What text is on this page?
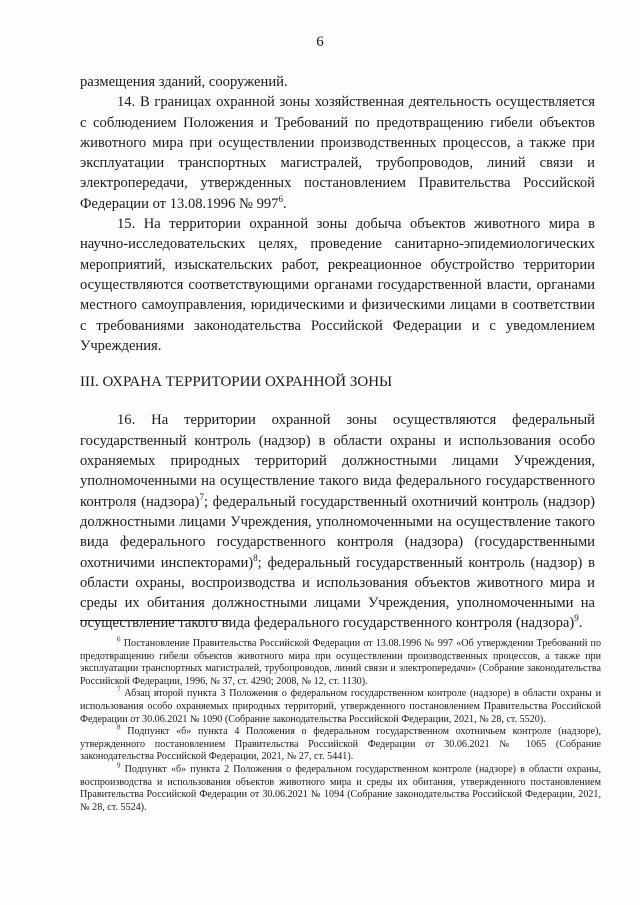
6

размещения зданий, сооружений.

14. В границах охранной зоны хозяйственная деятельность осуществляется с соблюдением Положения и Требований по предотвращению гибели объектов животного мира при осуществлении производственных процессов, а также при эксплуатации транспортных магистралей, трубопроводов, линий связи и электропередачи, утвержденных постановлением Правительства Российской Федерации от 13.08.1996 № $997^6$.

15. На территории охранной зоны добыча объектов животного мира в научно-исследовательских целях, проведение санитарно-эпидемиологических мероприятий, изыскательских работ, рекреационное обустройство территории осуществляются соответствующими органами государственной власти, органами местного самоуправления, юридическими и физическими лицами в соответствии с требованиями законодательства Российской Федерации и с уведомлением Учреждения.

III. ОХРАНА ТЕРРИТОРИИ ОХРАННОЙ ЗОНЫ

16. На территории охранной зоны осуществляются федеральный государственный контроль (надзор) в области охраны и использования особо охраняемых природных территорий должностными лицами Учреждения, уполномоченными на осуществление такого вида федерального государственного контроля (надзора)$^7$; федеральный государственный охотничий контроль (надзор) должностными лицами Учреждения, уполномоченными на осуществление такого вида федерального государственного контроля (надзора) (государственными охотничими инспекторами)$^8$; федеральный государственный контроль (надзор) в области охраны, воспроизводства и использования объектов животного мира и среды их обитания должностными лицами Учреждения, уполномоченными на осуществление такого вида федерального государственного контроля (надзора)$^9$.

$^6$ Постановление Правительства Российской Федерации от 13.08.1996 № 997 «Об утверждении Требований по предотвращению гибели объектов животного мира при осуществлении производственных процессов, а также при эксплуатации транспортных магистралей, трубопроводов, линий связи и электропередачи» (Собрание законодательства Российской Федерации, 1996, № 37, ст. 4290; 2008, № 12, ст. 1130).

$^7$ Абзац второй пункта 3 Положения о федеральном государственном контроле (надзоре) в области охраны и использования особо охраняемых природных территорий, утвержденного постановлением Правительства Российской Федерации от 30.06.2021 № 1090 (Собрание законодательства Российской Федерации, 2021, № 28, ст. 5520).

$^8$ Подпункт «б» пункта 4 Положения о федеральном государственном охотничьем контроле (надзоре), утвержденного постановлением Правительства Российской Федерации от 30.06.2021 № 1065 (Собрание законодательства Российской Федерации, 2021, № 27, ст. 5441).

$^9$ Подпункт «б» пункта 2 Положения о федеральном государственном контроле (надзоре) в области охраны, воспроизводства и использования объектов животного мира и среды их обитания, утвержденного постановлением Правительства Российской Федерации от 30.06.2021 № 1094 (Собрание законодательства Российской Федерации, 2021, № 28, ст. 5524).
